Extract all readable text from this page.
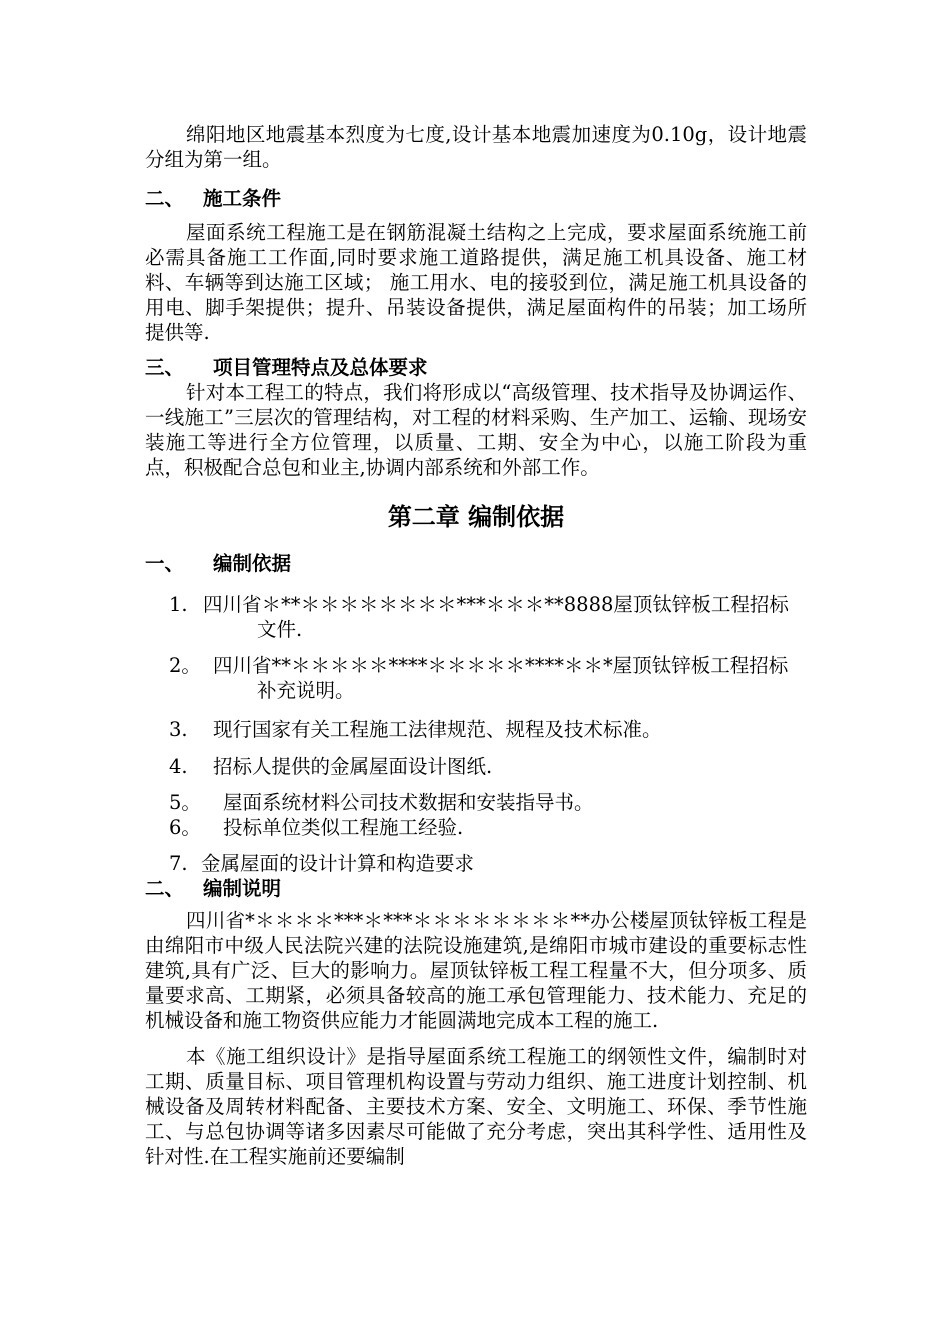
绵阳地区地震基本烈度为七度,设计基本地震加速度为0.10g，设计地震分组为第一组。

二、 施工条件

屋面系统工程施工是在钢筋混凝土结构之上完成，要求屋面系统施工前必需具备施工工作面,同时要求施工道路提供，满足施工机具设备、施工材料、车辆等到达施工区域； 施工用水、电的接驳到位，满足施工机具设备的用电、脚手架提供；提升、吊装设备提供，满足屋面构件的吊装；加工场所提供等.

三、 项目管理特点及总体要求

针对本工程工的特点，我们将形成以“高级管理、技术指导及协调运作、一线施工”三层次的管理结构，对工程的材料采购、生产加工、运输、现场安装施工等进行全方位管理，以质量、工期、安全为中心，以施工阶段为重点，积极配合总包和业主,协调内部系统和外部工作。

第二章 编制依据

一、 编制依据

1. 四川省＊**＊＊＊＊＊＊＊＊***＊＊＊**8888屋顶钛锌板工程招标文件.

2。 四川省**＊＊＊＊＊****＊＊＊＊＊****＊＊*屋顶钛锌板工程招标补充说明。

3. 现行国家有关工程施工法律规范、规程及技术标准。

4. 招标人提供的金属屋面设计图纸.

5。 屋面系统材料公司技术数据和安装指导书。

6。 投标单位类似工程施工经验.

7. 金属屋面的设计计算和构造要求

二、 编制说明

四川省*＊＊＊＊***＊***＊＊＊＊＊＊＊＊**办公楼屋顶钛锌板工程是由绵阳市中级人民法院兴建的法院设施建筑,是绵阳市城市建设的重要标志性建筑,具有广泛、巨大的影响力。屋顶钛锌板工程工程量不大，但分项多、质量要求高、工期紧，必须具备较高的施工承包管理能力、技术能力、充足的机械设备和施工物资供应能力才能圆满地完成本工程的施工.

本《施工组织设计》是指导屋面系统工程施工的纲领性文件，编制时对工期、质量目标、项目管理机构设置与劳动力组织、施工进度计划控制、机械设备及周转材料配备、主要技术方案、安全、文明施工、环保、季节性施工、与总包协调等诸多因素尽可能做了充分考虑，突出其科学性、适用性及针对性.在工程实施前还要编制
